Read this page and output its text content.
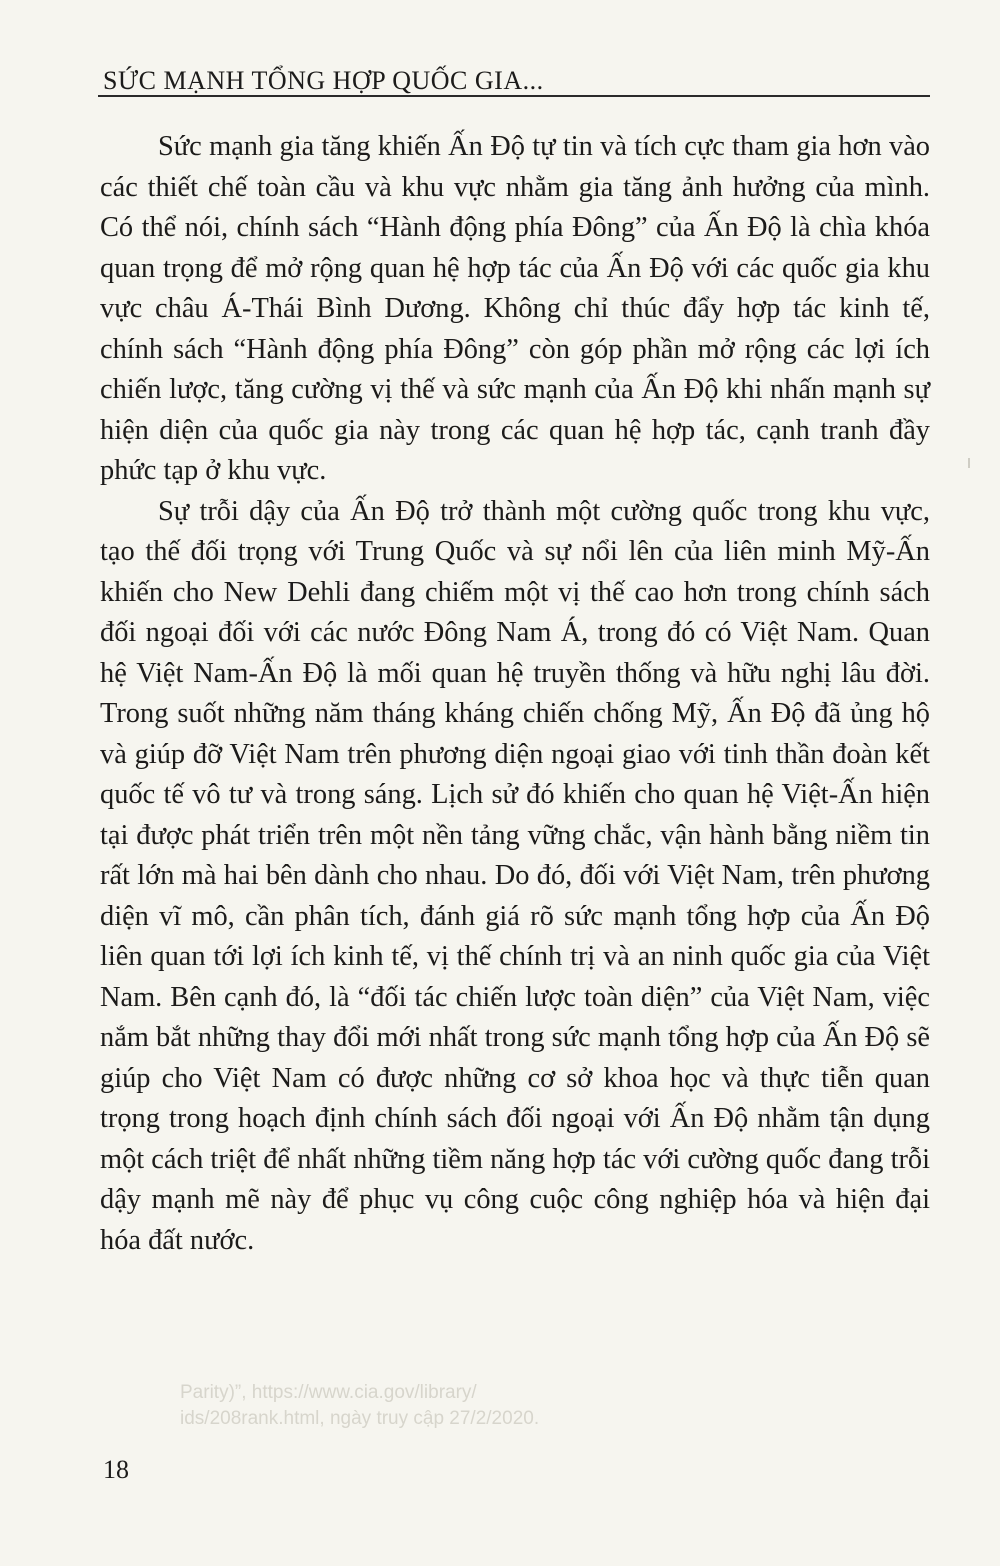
SỨC MẠNH TỔNG HỢP QUỐC GIA...

Sức mạnh gia tăng khiến Ấn Độ tự tin và tích cực tham gia hơn vào các thiết chế toàn cầu và khu vực nhằm gia tăng ảnh hưởng của mình. Có thể nói, chính sách “Hành động phía Đông” của Ấn Độ là chìa khóa quan trọng để mở rộng quan hệ hợp tác của Ấn Độ với các quốc gia khu vực châu Á-Thái Bình Dương. Không chỉ thúc đẩy hợp tác kinh tế, chính sách “Hành động phía Đông” còn góp phần mở rộng các lợi ích chiến lược, tăng cường vị thế và sức mạnh của Ấn Độ khi nhấn mạnh sự hiện diện của quốc gia này trong các quan hệ hợp tác, cạnh tranh đầy phức tạp ở khu vực.

Sự trỗi dậy của Ấn Độ trở thành một cường quốc trong khu vực, tạo thế đối trọng với Trung Quốc và sự nổi lên của liên minh Mỹ-Ấn khiến cho New Dehli đang chiếm một vị thế cao hơn trong chính sách đối ngoại đối với các nước Đông Nam Á, trong đó có Việt Nam. Quan hệ Việt Nam-Ấn Độ là mối quan hệ truyền thống và hữu nghị lâu đời. Trong suốt những năm tháng kháng chiến chống Mỹ, Ấn Độ đã ủng hộ và giúp đỡ Việt Nam trên phương diện ngoại giao với tinh thần đoàn kết quốc tế vô tư và trong sáng. Lịch sử đó khiến cho quan hệ Việt-Ấn hiện tại được phát triển trên một nền tảng vững chắc, vận hành bằng niềm tin rất lớn mà hai bên dành cho nhau. Do đó, đối với Việt Nam, trên phương diện vĩ mô, cần phân tích, đánh giá rõ sức mạnh tổng hợp của Ấn Độ liên quan tới lợi ích kinh tế, vị thế chính trị và an ninh quốc gia của Việt Nam. Bên cạnh đó, là “đối tác chiến lược toàn diện” của Việt Nam, việc nắm bắt những thay đổi mới nhất trong sức mạnh tổng hợp của Ấn Độ sẽ giúp cho Việt Nam có được những cơ sở khoa học và thực tiễn quan trọng trong hoạch định chính sách đối ngoại với Ấn Độ nhằm tận dụng một cách triệt để nhất những tiềm năng hợp tác với cường quốc đang trỗi dậy mạnh mẽ này để phục vụ công cuộc công nghiệp hóa và hiện đại hóa đất nước.

Parity)”, https://www.cia.gov/library/
ids/208rank.html, ngày truy cập 27/2/2020.
18
